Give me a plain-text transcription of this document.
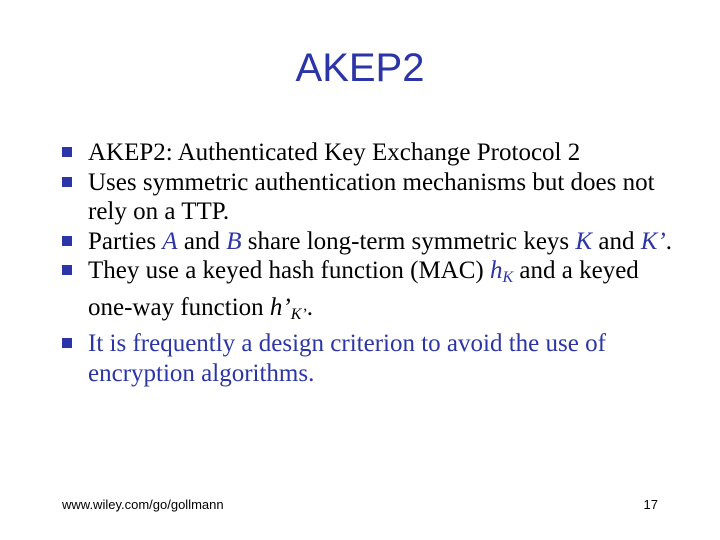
AKEP2
AKEP2: Authenticated Key Exchange Protocol 2
Uses symmetric authentication mechanisms but does not rely on a TTP.
Parties A and B share long-term symmetric keys K and K’.
They use a keyed hash function (MAC) $h_K$ and a keyed one-way function $h’_{K’}$.
It is frequently a design criterion to avoid the use of encryption algorithms.
www.wiley.com/go/gollmann	17
